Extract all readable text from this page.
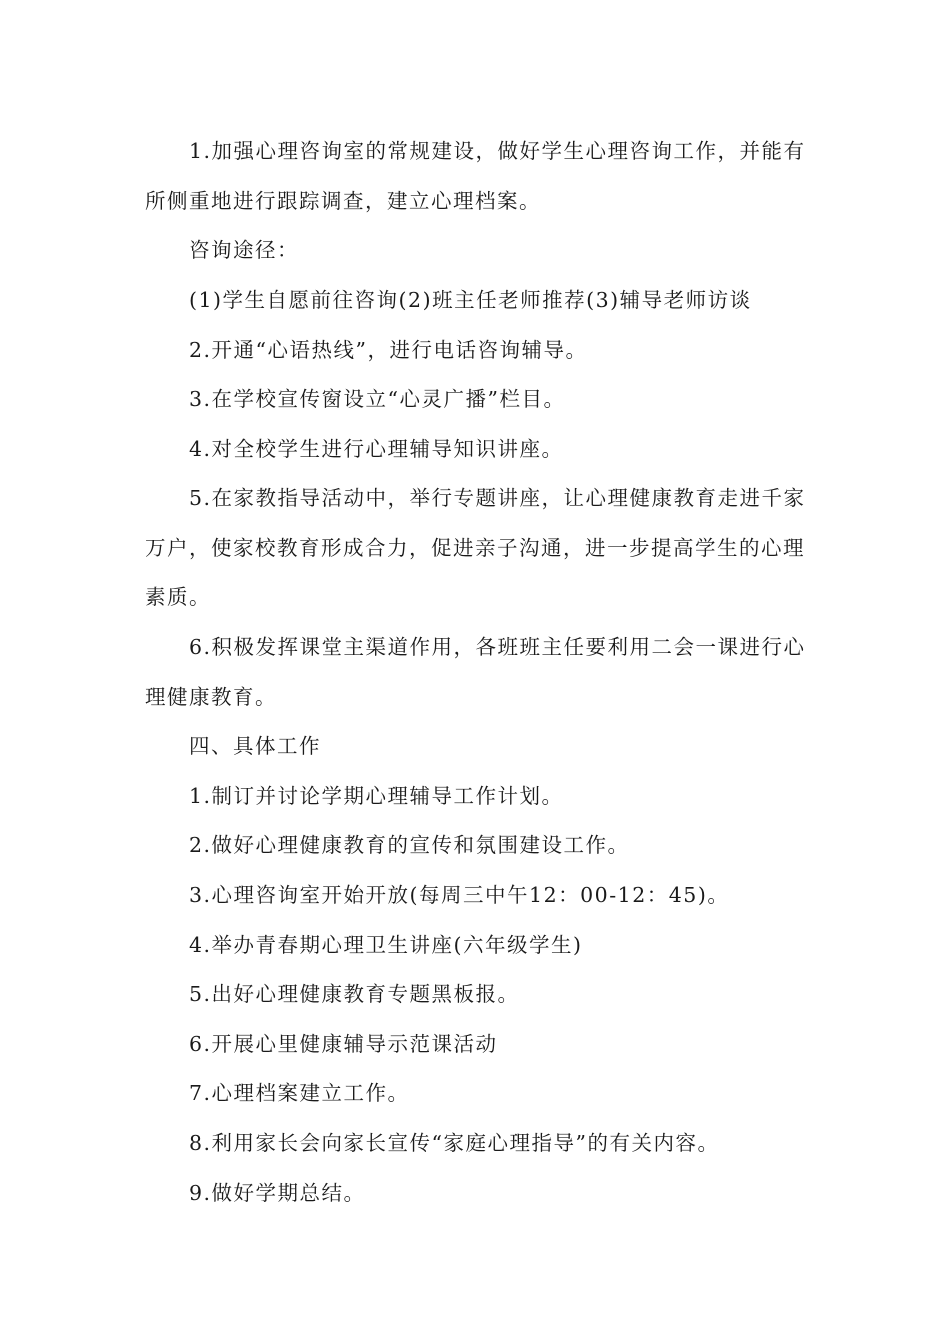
1.加强心理咨询室的常规建设，做好学生心理咨询工作，并能有所侧重地进行跟踪调查，建立心理档案。

咨询途径：

(1)学生自愿前往咨询(2)班主任老师推荐(3)辅导老师访谈

2.开通“心语热线”，进行电话咨询辅导。

3.在学校宣传窗设立“心灵广播”栏目。

4.对全校学生进行心理辅导知识讲座。

5.在家教指导活动中，举行专题讲座，让心理健康教育走进千家万户，使家校教育形成合力，促进亲子沟通，进一步提高学生的心理素质。

6.积极发挥课堂主渠道作用，各班班主任要利用二会一课进行心理健康教育。

四、具体工作

1.制订并讨论学期心理辅导工作计划。

2.做好心理健康教育的宣传和氛围建设工作。

3.心理咨询室开始开放(每周三中午12：00-12：45)。

4.举办青春期心理卫生讲座(六年级学生)

5.出好心理健康教育专题黑板报。

6.开展心里健康辅导示范课活动

7.心理档案建立工作。

8.利用家长会向家长宣传“家庭心理指导”的有关内容。

9.做好学期总结。
